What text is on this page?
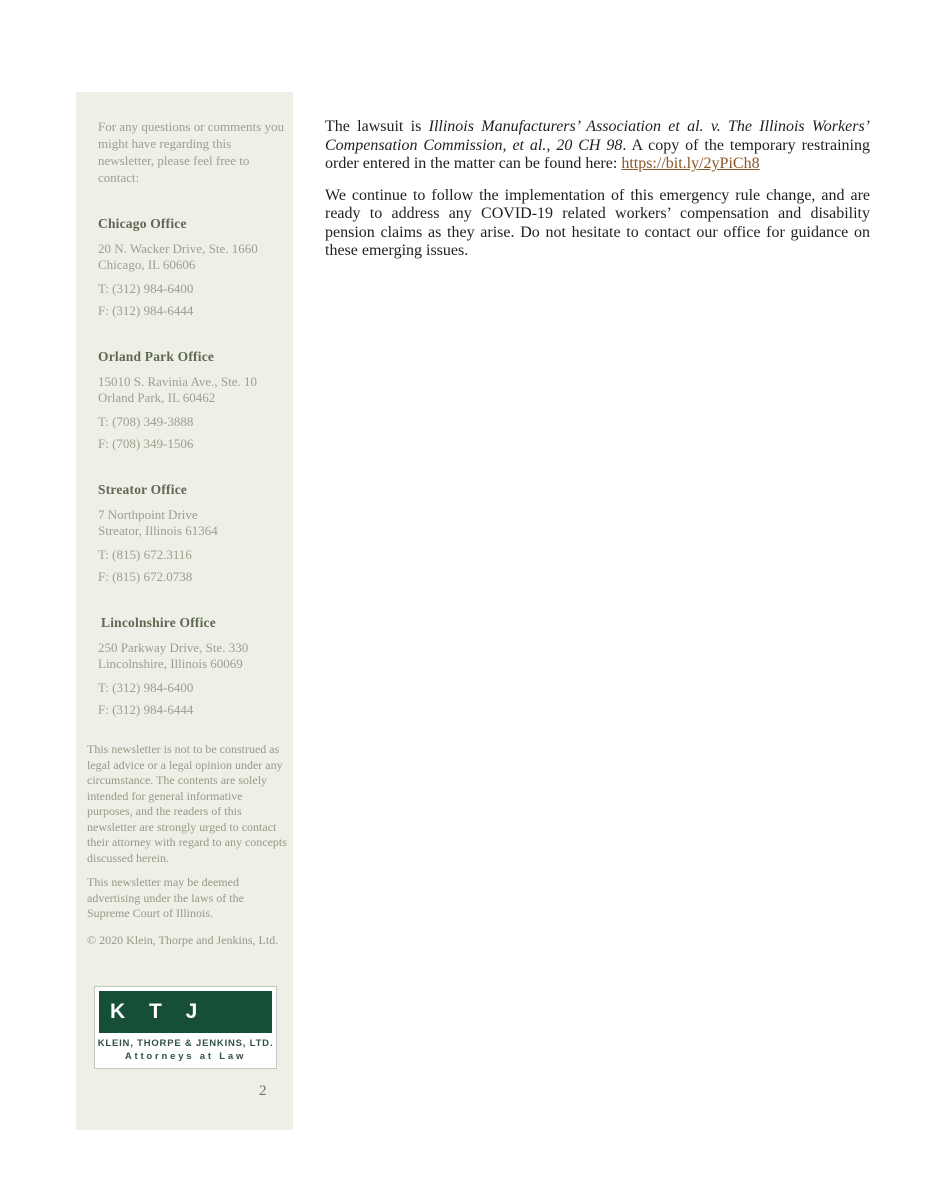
For any questions or comments you might have regarding this newsletter, please feel free to contact:

Chicago Office

20 N. Wacker Drive, Ste. 1660
Chicago, IL 60606

T: (312) 984-6400

F: (312) 984-6444

Orland Park Office

15010 S. Ravinia Ave., Ste. 10
Orland Park, IL 60462

T: (708) 349-3888

F: (708) 349-1506

Streator Office

7 Northpoint Drive
Streator, Illinois 61364

T: (815) 672.3116

F: (815) 672.0738

Lincolnshire Office

250 Parkway Drive, Ste. 330
Lincolnshire, Illinois 60069

T: (312) 984-6400

F: (312) 984-6444

This newsletter is not to be construed as legal advice or a legal opinion under any circumstance. The contents are solely intended for general informative purposes, and the readers of this newsletter are strongly urged to contact their attorney with regard to any concepts discussed herein.

This newsletter may be deemed advertising under the laws of the Supreme Court of Illinois.

© 2020 Klein, Thorpe and Jenkins, Ltd.

K T J
KLEIN, THORPE & JENKINS, LTD.
Attorneys at Law
2

The lawsuit is Illinois Manufacturers’ Association et al. v. The Illinois Workers’ Compensation Commission, et al., 20 CH 98. A copy of the temporary restraining order entered in the matter can be found here: https://bit.ly/2yPiCh8

We continue to follow the implementation of this emergency rule change, and are ready to address any COVID-19 related workers’ compensation and disability pension claims as they arise. Do not hesitate to contact our office for guidance on these emerging issues.
